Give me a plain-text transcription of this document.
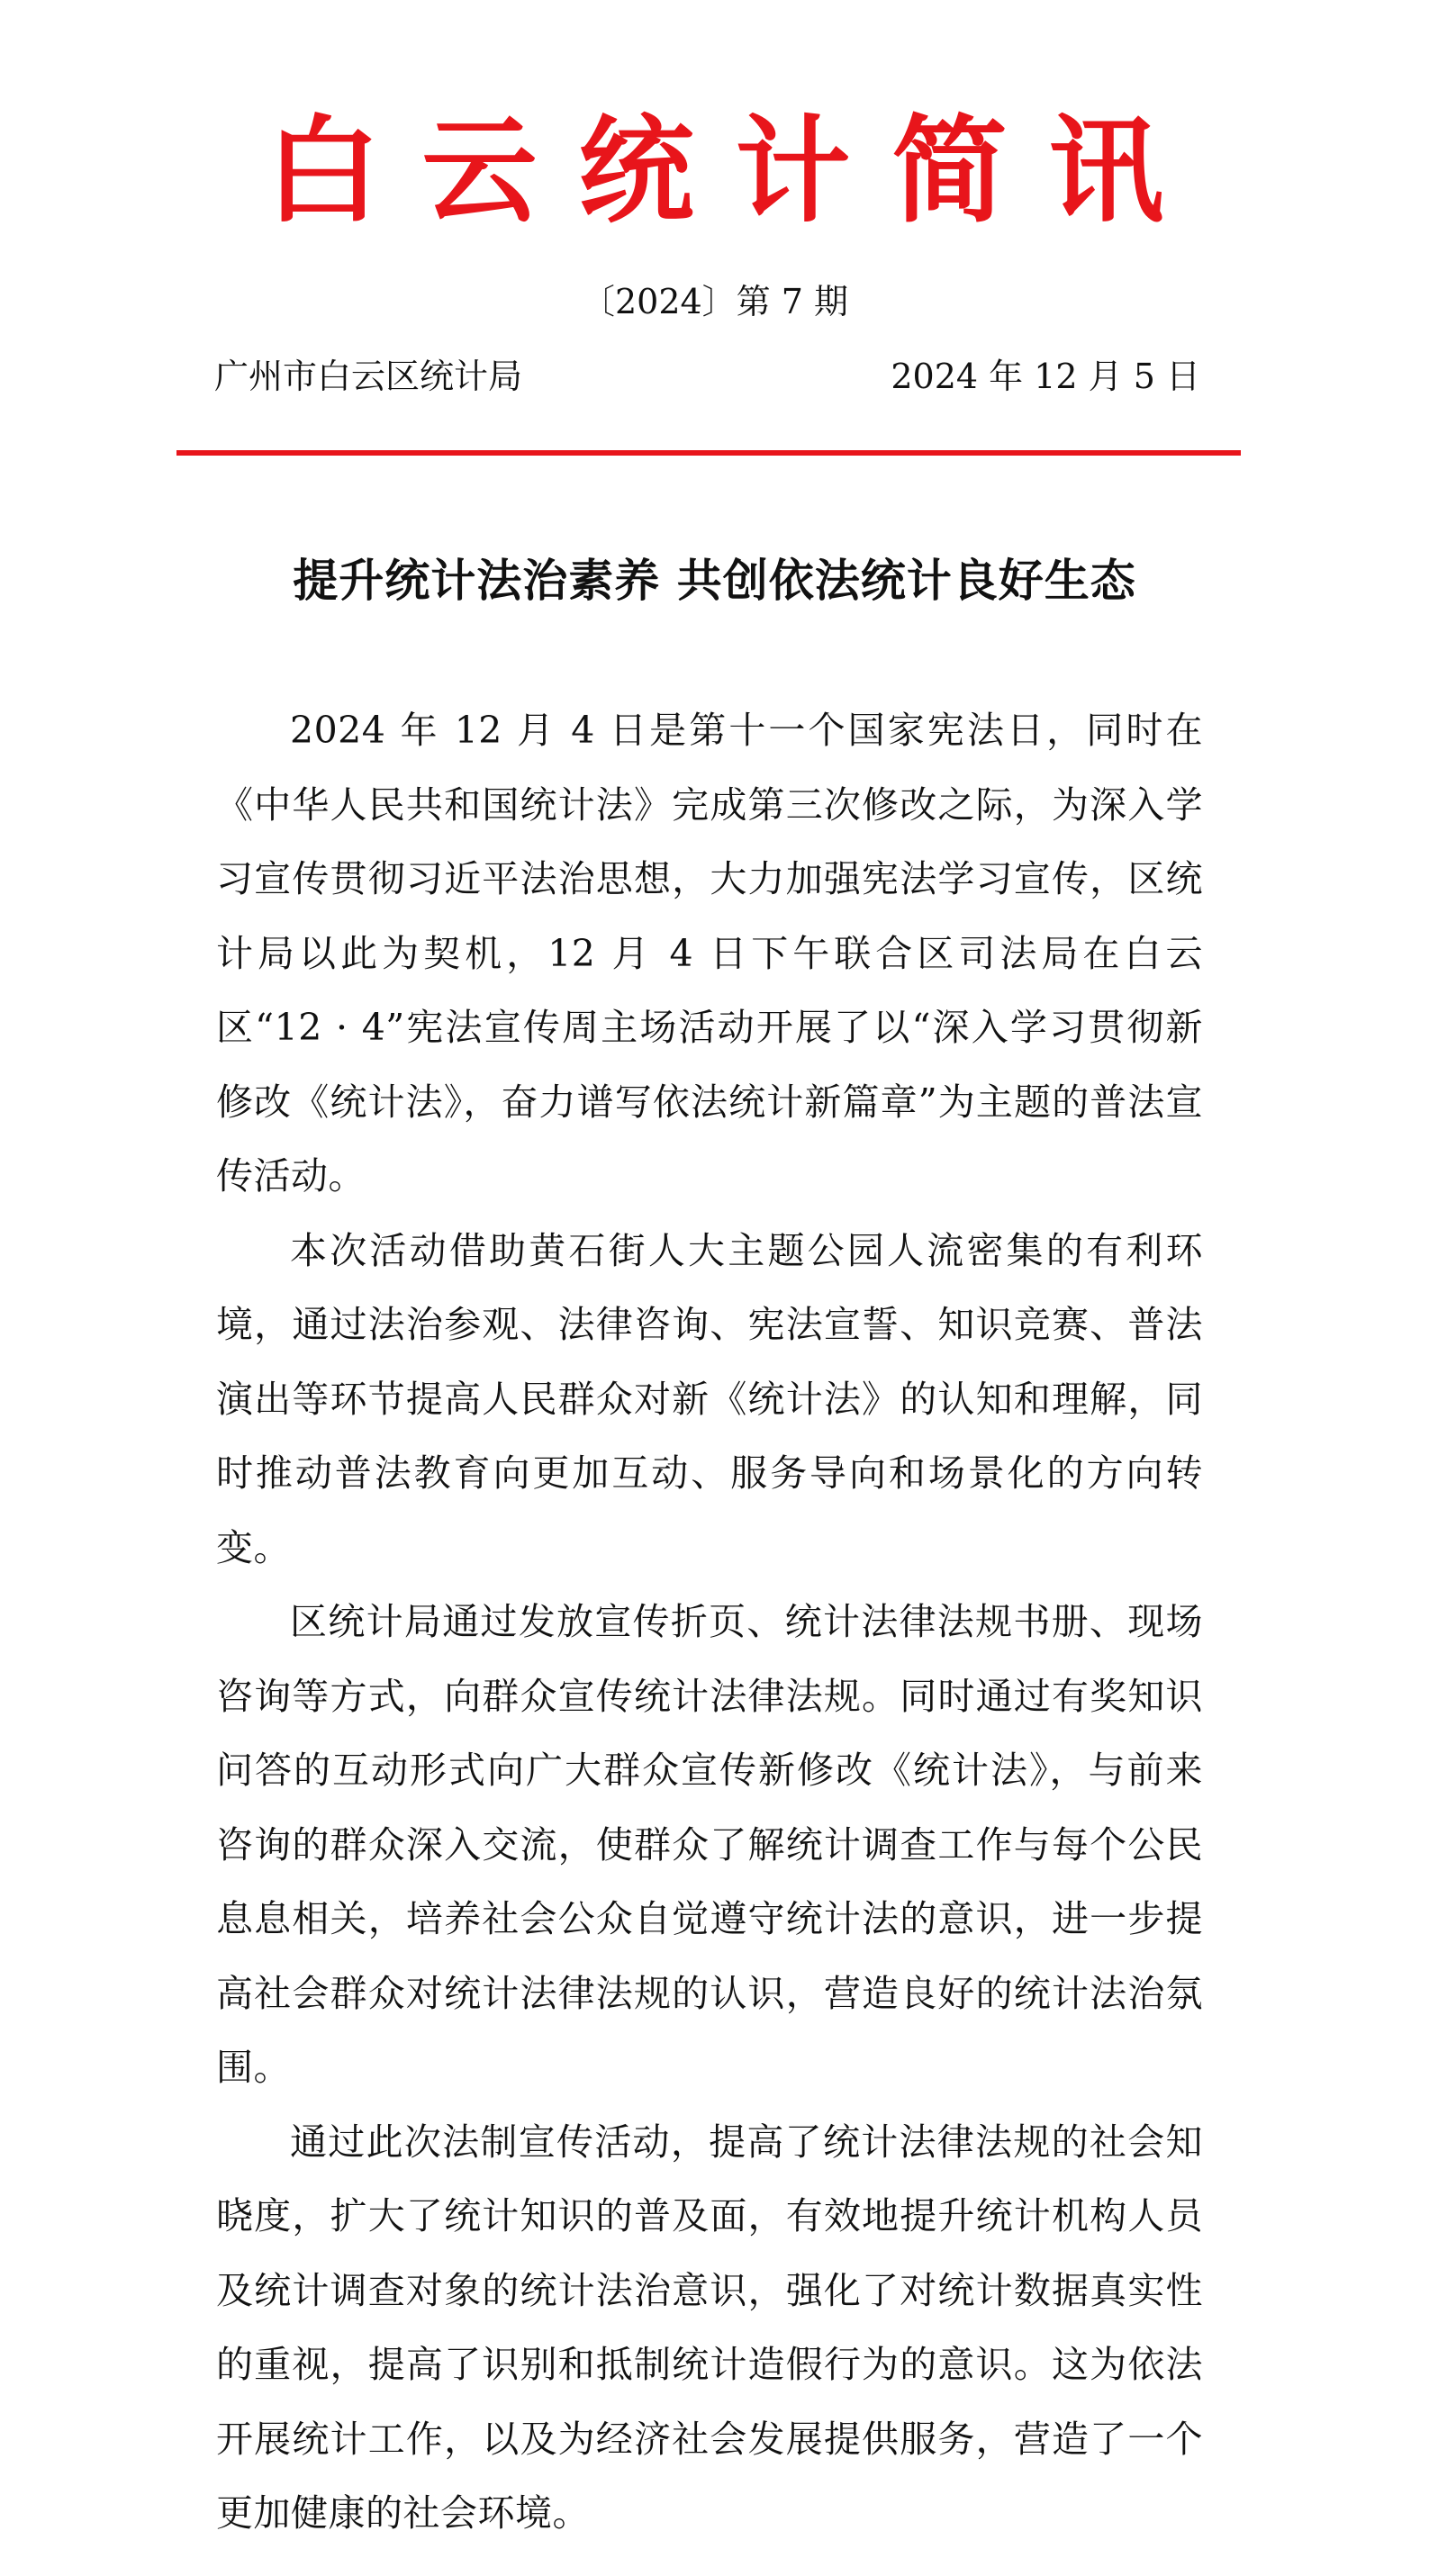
白云统计简讯
〔2024〕第 7 期
广州市白云区统计局	2024 年 12 月 5 日
提升统计法治素养 共创依法统计良好生态

2024 年 12 月 4 日是第十一个国家宪法日，同时在《中华人民共和国统计法》完成第三次修改之际，为深入学习宣传贯彻习近平法治思想，大力加强宪法学习宣传，区统计局以此为契机，12 月 4 日下午联合区司法局在白云区“12 · 4”宪法宣传周主场活动开展了以“深入学习贯彻新修改《统计法》，奋力谱写依法统计新篇章”为主题的普法宣传活动。

本次活动借助黄石街人大主题公园人流密集的有利环境，通过法治参观、法律咨询、宪法宣誓、知识竞赛、普法演出等环节提高人民群众对新《统计法》的认知和理解，同时推动普法教育向更加互动、服务导向和场景化的方向转变。

区统计局通过发放宣传折页、统计法律法规书册、现场咨询等方式，向群众宣传统计法律法规。同时通过有奖知识问答的互动形式向广大群众宣传新修改《统计法》，与前来咨询的群众深入交流，使群众了解统计调查工作与每个公民息息相关，培养社会公众自觉遵守统计法的意识，进一步提高社会群众对统计法律法规的认识，营造良好的统计法治氛围。

通过此次法制宣传活动，提高了统计法律法规的社会知晓度，扩大了统计知识的普及面，有效地提升统计机构人员及统计调查对象的统计法治意识，强化了对统计数据真实性的重视，提高了识别和抵制统计造假行为的意识。这为依法开展统计工作，以及为经济社会发展提供服务，营造了一个更加健康的社会环境。
